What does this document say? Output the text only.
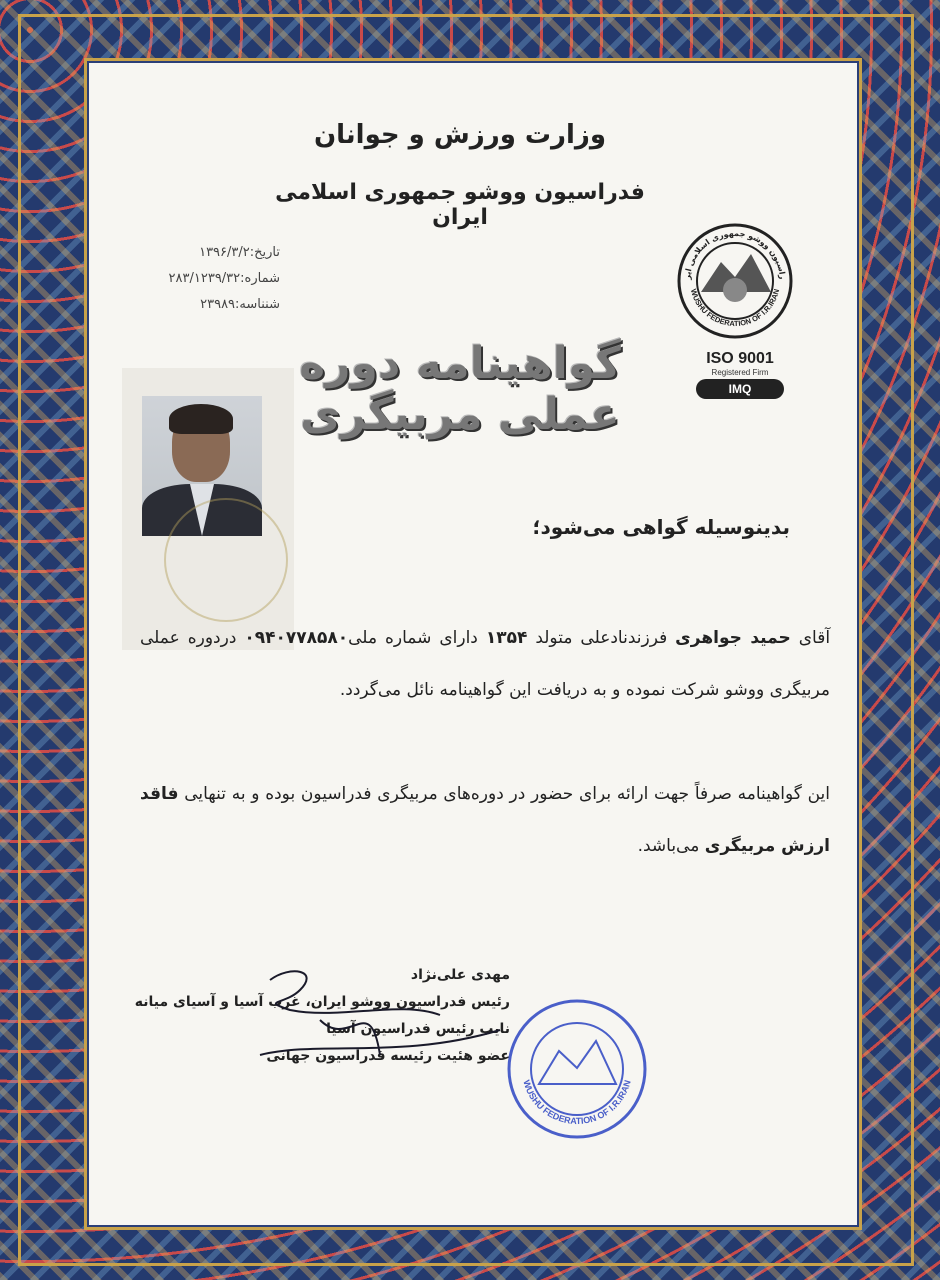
وزارت ورزش و جوانان
فدراسیون ووشو جمهوری اسلامی ایران
تاریخ:۱۳۹۶/۳/۲
شماره:۲۸۳/۱۲۳۹/۳۲
شنناسه:۲۳۹۸۹
راسیون ووشو جمهوری اسلامی ایر
WUSHU FEDERATION OF I.R.IRAN
ISO 9001
Registered Firm
IMQ
گواهینامه دوره عملی مربیگری
بدینوسیله گواهی می‌شود؛
آقای حمید جواهری فرزندنادعلی متولد ۱۳۵۴ دارای شماره ملی۰۹۴۰۷۷۸۵۸۰ دردوره عملی مربیگری ووشو شرکت نموده و به دریافت این گواهینامه نائل می‌گردد.
این گواهینامه صرفاً جهت ارائه برای حضور در دوره‌های مربیگری فدراسیون بوده و به تنهایی فاقد ارزش مربیگری می‌باشد.
مهدی علی‌نژاد
رئیس فدراسیون ووشو ایران، غرب آسیا و آسیای میانه
نایب رئیس فدراسیون آسیا
عضو هئیت رئیسه فدراسیون جهانی
WUSHU FEDERATION OF I.R.IRAN
